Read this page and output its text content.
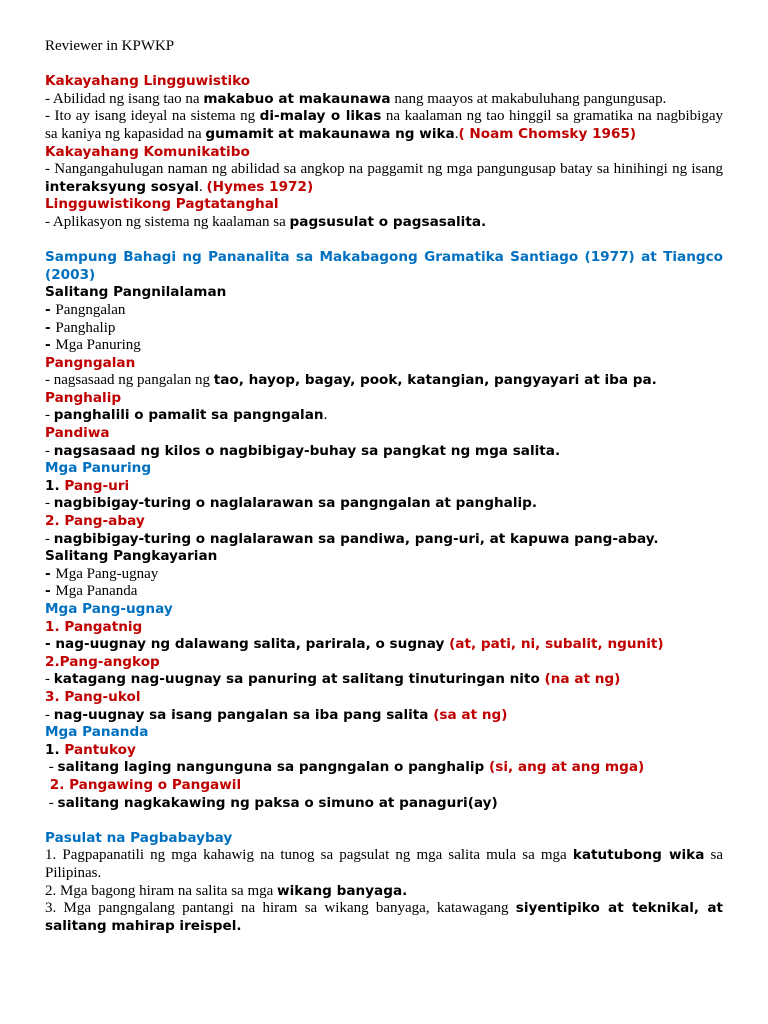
Reviewer in KPWKP
Kakayahang Lingguwistiko
- Abilidad ng isang tao na makabuo at makaunawa nang maayos at makabuluhang pangungusap.
- Ito ay isang ideyal na sistema ng di-malay o likas na kaalaman ng tao hinggil sa gramatika na nagbibigay sa kaniya ng kapasidad na gumamit at makaunawa ng wika.( Noam Chomsky 1965)
Kakayahang Komunikatibo
- Nangangahulugan naman ng abilidad sa angkop na paggamit ng mga pangungusap batay sa hinihingi ng isang interaksyung sosyal. (Hymes 1972)
Lingguwistikong Pagtatanghal
- Aplikasyon ng sistema ng kaalaman sa pagsusulat o pagsasalita.
Sampung Bahagi ng Pananalita sa Makabagong Gramatika Santiago (1977) at Tiangco (2003)
Salitang Pangnilalaman
- Pangngalan
- Panghalip
- Mga Panuring
Pangngalan
- nagsasaad ng pangalan ng tao, hayop, bagay, pook, katangian, pangyayari at iba pa.
Panghalip
- panghalili o pamalit sa pangngalan.
Pandiwa
- nagsasaad ng kilos o nagbibigay-buhay sa pangkat ng mga salita.
Mga Panuring
1. Pang-uri
- nagbibigay-turing o naglalarawan sa pangngalan at panghalip.
2. Pang-abay
- nagbibigay-turing o naglalarawan sa pandiwa, pang-uri, at kapuwa pang-abay.
Salitang Pangkayarian
- Mga Pang-ugnay
- Mga Pananda
Mga Pang-ugnay
1. Pangatnig
- nag-uugnay ng dalawang salita, parirala, o sugnay (at, pati, ni, subalit, ngunit)
2.Pang-angkop
- katagang nag-uugnay sa panuring at salitang tinuturingan nito (na at ng)
3. Pang-ukol
- nag-uugnay sa isang pangalan sa iba pang salita (sa at ng)
Mga Pananda
1. Pantukoy
- salitang laging nangunguna sa pangngalan o panghalip (si, ang at ang mga)
2. Pangawing o Pangawil
- salitang nagkakawing ng paksa o simuno at panaguri(ay)
Pasulat na Pagbabaybay
1. Pagpapanatili ng mga kahawig na tunog sa pagsulat ng mga salita mula sa mga katutubong wika sa Pilipinas.
2. Mga bagong hiram na salita sa mga wikang banyaga.
3. Mga pangngalang pantangi na hiram sa wikang banyaga, katawagang siyentipiko at teknikal, at salitang mahirap ireispel.
